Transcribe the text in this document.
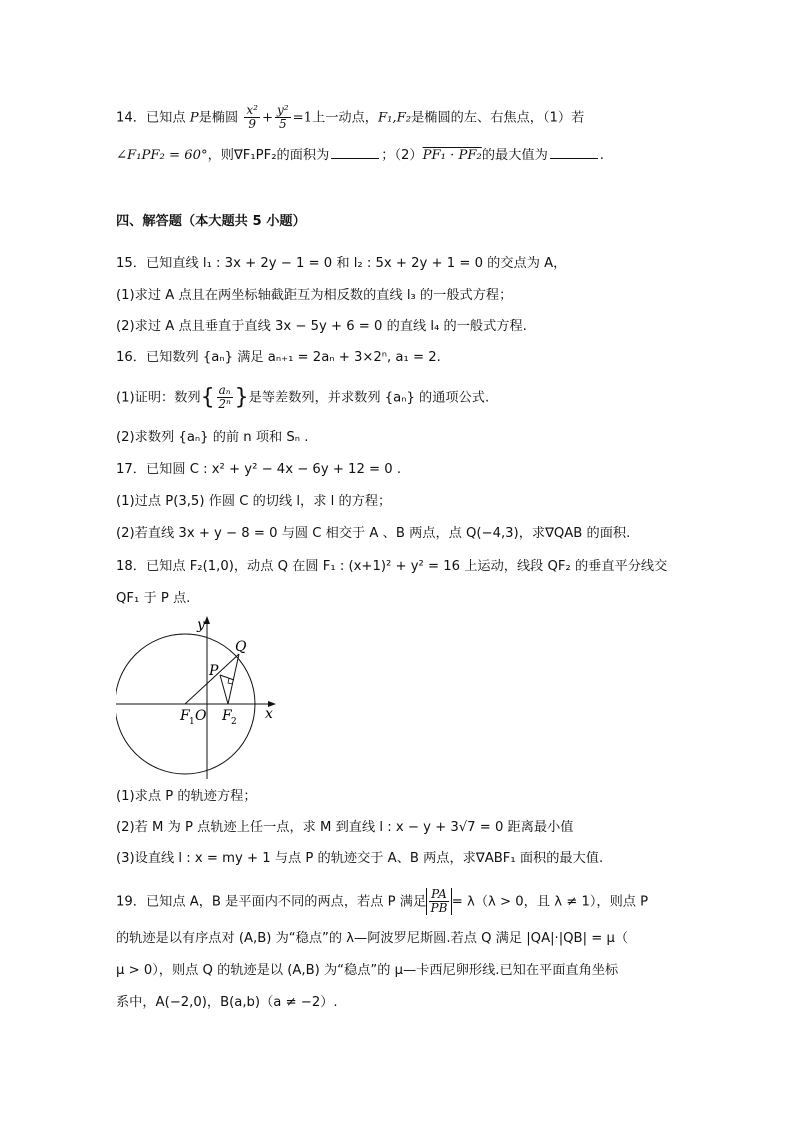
14．已知点 P是椭圆 $\frac{\text{x²}}{9} + \frac{\text{y²}}{5} =1$上一动点，F₁,F₂是椭圆的左、右焦点，（1）若
∠F₁PF₂ = 60°，则∇F₁PF₂的面积为	；（2）PF₁ · PF₂的最大值为	.
四、解答题（本大题共 5 小题）
15．已知直线 l₁ : 3x + 2y − 1 = 0 和 l₂ : 5x + 2y + 1 = 0 的交点为 A，
(1)求过 A 点且在两坐标轴截距互为相反数的直线 l₃ 的一般式方程；
(2)求过 A 点且垂直于直线 3x − 5y + 6 = 0 的直线 l₄ 的一般式方程.
16．已知数列 {aₙ} 满足 aₙ₊₁ = 2aₙ + 3×2ⁿ, a₁ = 2.
(1)证明：数列{ $\frac{\text{aₙ}}{\text{2ⁿ}}$ }是等差数列，并求数列 {aₙ} 的通项公式.
(2)求数列 {aₙ} 的前 n 项和 Sₙ .
17．已知圆 C : x² + y² − 4x − 6y + 12 = 0 .
(1)过点 P(3,5) 作圆 C 的切线 l，求 l 的方程；
(2)若直线 3x + y − 8 = 0 与圆 C 相交于 A 、B 两点，点 Q(−4,3)，求∇QAB 的面积.
18．已知点 F₂(1,0)，动点 Q 在圆 F₁ : (x+1)² + y² = 16 上运动，线段 QF₂ 的垂直平分线交
QF₁ 于 P 点.
y
x
Q
P
F 1 O F 2
(1)求点 P 的轨迹方程；
(2)若 M 为 P 点轨迹上任一点，求 M 到直线 l : x − y + 3√7 = 0 距离最小值
(3)设直线 l : x = my + 1 与点 P 的轨迹交于 A、B 两点，求∇ABF₁ 面积的最大值.
19．已知点 A，B 是平面内不同的两点，若点 P 满足 $\frac{PA}{PB} = \lambda(\lambda > 0$，且 λ ≠ 1），则点 P
的轨迹是以有序点对 (A,B) 为“稳点”的 λ—阿波罗尼斯圆.若点 Q 满足 |QA|·|QB| = μ（
μ > 0），则点 Q 的轨迹是以 (A,B) 为“稳点”的 μ—卡西尼卵形线.已知在平面直角坐标
系中，A(−2,0)，B(a,b)（a ≠ −2）.
